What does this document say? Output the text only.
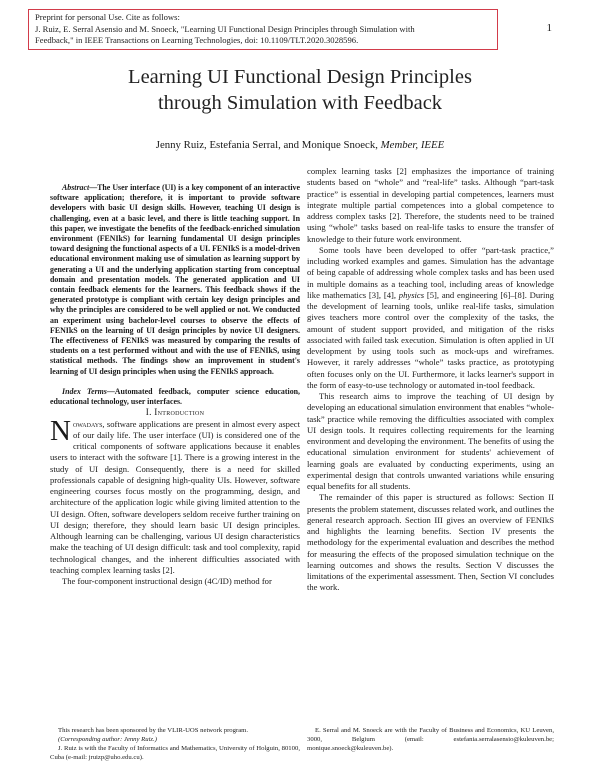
Preprint for personal Use. Cite as follows:
J. Ruiz, E. Serral Asensio and M. Snoeck, "Learning UI Functional Design Principles through Simulation with
Feedback," in IEEE Transactions on Learning Technologies, doi: 10.1109/TLT.2020.3028596.
1
Learning UI Functional Design Principles
through Simulation with Feedback
Jenny Ruiz, Estefania Serral, and Monique Snoeck, Member, IEEE

Abstract—The User interface (UI) is a key component of an interactive software application; therefore, it is important to provide software developers with basic UI design skills. However, teaching UI design is challenging, even at a basic level, and there is little teaching support. In this paper, we investigate the benefits of the feedback-enriched simulation environment (FENIkS) for learning fundamental UI design principles toward designing the functional aspects of a UI. FENIkS is a model-driven educational environment making use of simulation as learning support by generating a UI and the underlying application starting from conceptual domain and presentation models. The generated application and UI contain feedback elements for the learners. This feedback shows if the generated prototype is compliant with certain key design principles and why the principles are considered to be well applied or not. We conducted an experiment using bachelor-level courses to observe the effects of FENIkS on the learning of UI design principles by novice UI designers. The effectiveness of FENIkS was measured by comparing the results of students on a test performed without and with the use of FENIkS, using statistical methods. The findings show an improvement in student's learning of UI design principles when using the FENIkS approach.

Index Terms—Automated feedback, computer science education, educational technology, user interfaces.

I. Introduction

Nowadays, software applications are present in almost every aspect of our daily life. The user interface (UI) is considered one of the critical components of software applications because it enables users to interact with the software [1]. There is a growing interest in the study of UI design. Consequently, there is a need for skilled professionals capable of designing high-quality UIs. However, software engineering courses focus mostly on the programming, design, and architecture of the application logic while giving limited attention to the UI design. Often, software developers seldom receive further training on UI design; therefore, they should learn basic UI design principles. Although learning can be challenging, various UI design characteristics make the teaching of UI design difficult: task and tool complexity, rapid technological changes, and the inherent difficulties associated with teaching complex learning tasks [2].

The four-component instructional design (4C/ID) method for

complex learning tasks [2] emphasizes the importance of training students based on “whole” and “real-life” tasks. Although “part-task practice” is essential in developing partial competences, learners must integrate multiple partial competences into a global competence to address complex tasks [2]. Therefore, the students need to be trained using “whole” tasks based on real-life tasks to ensure the transfer of knowledge to their future work environment.

Some tools have been developed to offer “part-task practice,” including worked examples and games. Simulation has the advantage of being capable of addressing whole complex tasks and has been used in multiple domains as a teaching tool, including areas of knowledge like mathematics [3], [4], physics [5], and engineering [6]–[8]. During the development of learning tools, unlike real-life tasks, simulation gives teachers more control over the complexity of the tasks, the amount of student support provided, and mitigation of the risks associated with failed task execution. Simulation is often applied in UI development by using tools such as mock-ups and wireframes. However, it rarely addresses “whole” tasks practice, as prototyping often focuses only on the UI. Furthermore, it lacks learner's support in the form of easy-to-use technology or automated in-tool feedback.

This research aims to improve the teaching of UI design by developing an educational simulation environment that enables “whole-task” practice while removing the difficulties associated with complex UI design tools. It requires collecting requirements for the learning environment and developing the environment. The benefits of using the educational simulation environment for students' achievement of learning goals are evaluated by conducting experiments, using an experimental design that controls unwanted variations while ensuring equal benefits for all students.

The remainder of this paper is structured as follows: Section II presents the problem statement, discusses related work, and outlines the general research approach. Section III gives an overview of FENIkS and highlights the learning benefits. Section IV presents the methodology for the experimental evaluation and describes the method for measuring the effects of the proposed simulation technique on the learning outcomes and shows the results. Section V discusses the limitations of the experimental assessment. Then, Section VI concludes the work.

This research has been sponsored by the VLIR-UOS network program.

(Corresponding author: Jenny Ruiz.)

J. Ruiz is with the Faculty of Informatics and Mathematics, University of Holguin, 80100, Cuba (e-mail: jruizp@uho.edu.cu).

E. Serral and M. Snoeck are with the Faculty of Business and Economics, KU Leuven, 3000, Belgium (email: estefania.serralasensio@kuleuven.be; monique.snoeck@kuleuven.be).
